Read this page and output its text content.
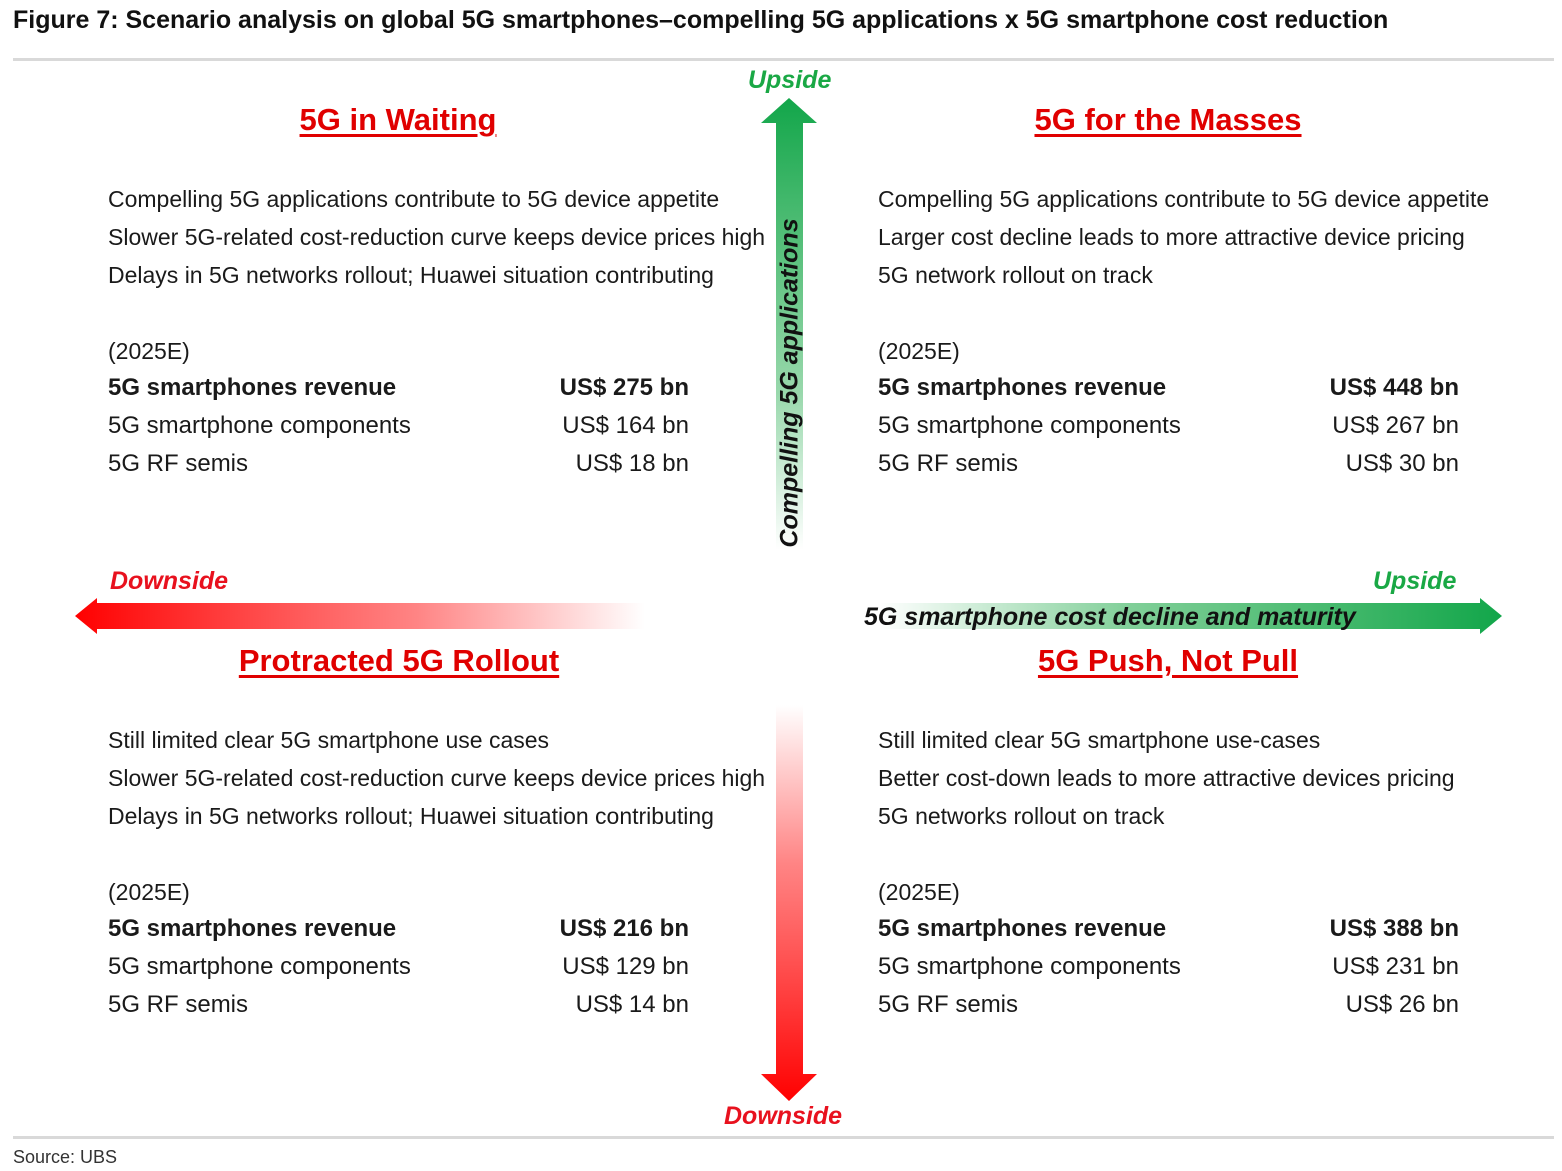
Figure 7: Scenario analysis on global 5G smartphones–compelling 5G applications x 5G smartphone cost reduction
Upside
Downside
Downside	Upside
5G smartphone cost decline and maturity
Compelling 5G applications
5G in Waiting
Compelling 5G applications contribute to 5G device appetite
Slower 5G-related cost-reduction curve keeps device prices high
Delays in 5G networks rollout; Huawei situation contributing
(2025E)
5G smartphones revenue	US$ 275 bn
5G smartphone components	US$ 164 bn
5G RF semis	US$ 18 bn
5G for the Masses
Compelling 5G applications contribute to 5G device appetite
Larger cost decline leads to more attractive device pricing
5G network rollout on track
(2025E)
5G smartphones revenue	US$ 448 bn
5G smartphone components	US$ 267 bn
5G RF semis	US$ 30 bn
Protracted 5G Rollout
Still limited clear 5G smartphone use cases
Slower 5G-related cost-reduction curve keeps device prices high
Delays in 5G networks rollout; Huawei situation contributing
(2025E)
5G smartphones revenue	US$ 216 bn
5G smartphone components	US$ 129 bn
5G RF semis	US$ 14 bn
5G Push, Not Pull
Still limited clear 5G smartphone use-cases
Better cost-down leads to more attractive devices pricing
5G networks rollout on track
(2025E)
5G smartphones revenue	US$ 388 bn
5G smartphone components	US$ 231 bn
5G RF semis	US$ 26 bn
Source: UBS
